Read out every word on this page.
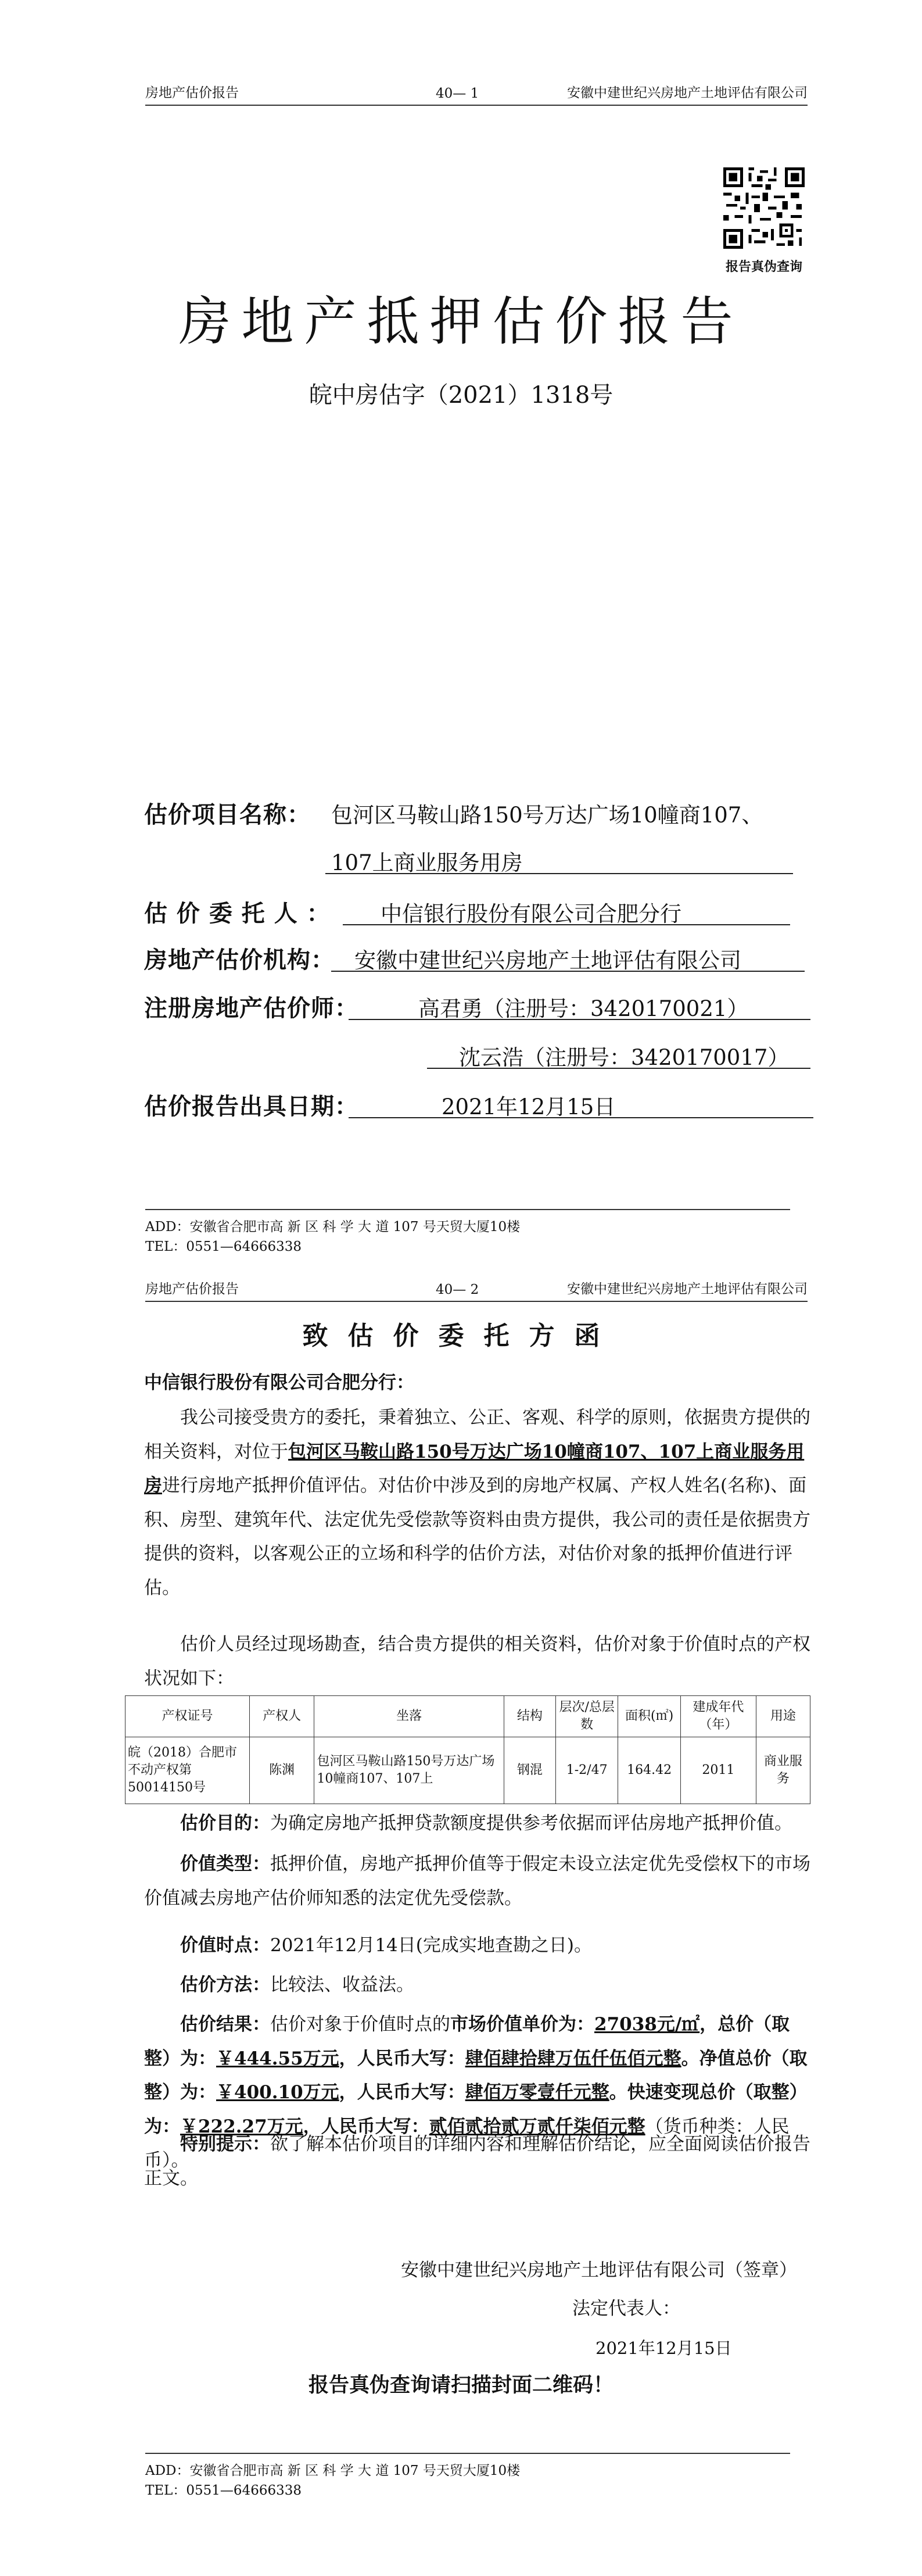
房地产估价报告	40— 1	安徽中建世纪兴房地产土地评估有限公司
报告真伪查询
房地产抵押估价报告
皖中房估字（2021）1318号
估价项目名称： 包河区马鞍山路150号万达广场10幢商107、
107上商业服务用房
估 价 委 托 人 ： 中信银行股份有限公司合肥分行
房地产估价机构： 安徽中建世纪兴房地产土地评估有限公司
注册房地产估价师：	高君勇（注册号：3420170021）
沈云浩（注册号：3420170017）
估价报告出具日期：	2021年12月15日
ADD：安徽省合肥市高 新 区 科 学 大 道 107 号天贸大厦10楼
TEL：0551—64666338
房地产估价报告	40— 2	安徽中建世纪兴房地产土地评估有限公司
致估价委托方函
中信银行股份有限公司合肥分行：
我公司接受贵方的委托，秉着独立、公正、客观、科学的原则，依据贵方提供的相关资料，对位于包河区马鞍山路150号万达广场10幢商107、107上商业服务用房进行房地产抵押价值评估。对估价中涉及到的房地产权属、产权人姓名(名称)、面积、房型、建筑年代、法定优先受偿款等资料由贵方提供，我公司的责任是依据贵方提供的资料，以客观公正的立场和科学的估价方法，对估价对象的抵押价值进行评估。
估价人员经过现场勘查，结合贵方提供的相关资料，估价对象于价值时点的产权状况如下：
产权证号	产权人	坐落	结构	层次/总层数	面积(㎡)	建成年代（年）	用途
皖（2018）合肥市不动产权第50014150号	陈渊	包河区马鞍山路150号万达广场10幢商107、107上	钢混	1-2/47	164.42	2011	商业服务
估价目的：为确定房地产抵押贷款额度提供参考依据而评估房地产抵押价值。
价值类型：抵押价值，房地产抵押价值等于假定未设立法定优先受偿权下的市场价值减去房地产估价师知悉的法定优先受偿款。
价值时点：2021年12月14日(完成实地查勘之日)。
估价方法：比较法、收益法。
估价结果：估价对象于价值时点的市场价值单价为：27038元/㎡，总价（取整）为：￥444.55万元，人民币大写：肆佰肆拾肆万伍仟伍佰元整。净值总价（取整）为：￥400.10万元，人民币大写：肆佰万零壹仟元整。快速变现总价（取整）为：￥222.27万元，人民币大写：贰佰贰拾贰万贰仟柒佰元整（货币种类：人民币）。
特别提示：欲了解本估价项目的详细内容和理解估价结论，应全面阅读估价报告正文。
安徽中建世纪兴房地产土地评估有限公司（签章）
法定代表人：
2021年12月15日
报告真伪查询请扫描封面二维码！
ADD：安徽省合肥市高 新 区 科 学 大 道 107 号天贸大厦10楼
TEL：0551—64666338
